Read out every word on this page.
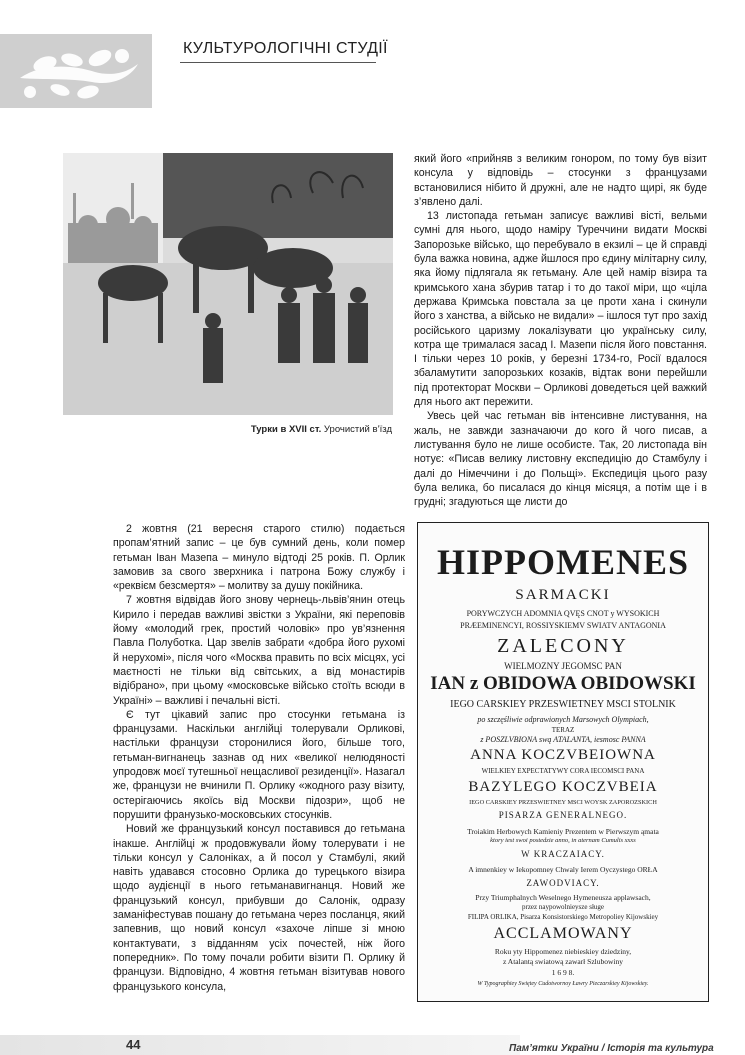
КУЛЬТУРОЛОГІЧНІ СТУДІЇ
Турки в XVII ст. Урочистий в’їзд

який його «прийняв з великим гонором, по тому був візит консула у відповідь – стосунки з французами встановилися нібито й дружні, але не надто щирі, як буде з’явлено далі.

13 листопада гетьман записує важливі вісті, вельми сумні для нього, щодо наміру Туреччини видати Москві Запорозьке військо, що перебувало в екзилі – це й справді була важка новина, адже йшлося про єдину мілітарну силу, яка йому підлягала як гетьману. Але цей намір візира та кримського хана збурив татар і то до такої міри, що «ціла держава Кримська повстала за це проти хана і скинули його з ханства, а військо не видали» – ішлося тут про захід російського царизму локалізувати цю українську силу, котра ще трималася засад І. Мазепи після його повстання. І тільки через 10 років, у березні 1734-го, Росії вдалося збаламутити запорозьких козаків, відтак вони перейшли під протекторат Москви – Орликові доведеться цей важкий для нього акт пережити.

Увесь цей час гетьман вів інтенсивне листування, на жаль, не завжди зазначаючи до кого й чого писав, а листування було не лише особисте. Так, 20 листопада він нотує: «Писав велику листовну експедицію до Стамбулу і далі до Німеччини і до Польщі». Експедиція цього разу була велика, бо писалася до кінця місяця, а потім ще і в грудні; згадуються ще листи до

2 жовтня (21 вересня старого стилю) подається пропам’ятний запис – це був сумний день, коли помер гетьман Іван Мазепа – минуло відтоді 25 років. П. Орлик замовив за свого зверхника і патрона Божу службу і «реквієм безсмертя» – молитву за душу покійника.

7 жовтня відвідав його знову чернець-львів’янин отець Кирило і передав важливі звістки з України, які переповів йому «молодий грек, простий чоловік» про ув’язнення Павла Полуботка. Цар звелів забрати «добра його рухомі й нерухомі», після чого «Москва править по всіх місцях, усі маєтності не тільки від світських, а від монастирів відібрано», при цьому «московське військо стоїть всюди в Україні» – важливі і печальні вісті.

Є тут цікавий запис про стосунки гетьмана із французами. Наскільки англійці толерували Орликові, настільки французи сторонилися його, більше того, гетьман-вигнанець зазнав од них «великої нелюдяності упродовж моєї тутешньої нещасливої резиденції». Назагал же, французи не вчинили П. Орлику «жодного разу візиту, остерігаючись якоїсь від Москви підозри», щоб не порушити франузько-московських стосунків.

Новий же французький консул поставився до гетьмана інакше. Англійці ж продовжували йому толерувати і не тільки консул у Салоніках, а й посол у Стамбулі, який навіть удавався стосовно Орлика до турецького візира щодо аудієнції в нього гетьманавигнанця. Новий же французький консул, прибувши до Салонік, одразу заманіфестував пошану до гетьмана через посланця, який запевнив, що новий консул «захоче ліпше зі мною контактувати, з відданням усіх почестей, ніж його попередник». По тому почали робити візити П. Орлику й французи. Відповідно, 4 жовтня гетьман візитував нового французького консула,

HIPPOMENES
SARMACKI
PORYWCZYCH ADOMNIA QVĘS CNOT y WYSOKICH
PRÆEMINENCYI, ROSSIYSKIEMV SWIATV ANTAGONIA
ZALECONY
WIELMOZNY JEGOMSC PAN
IAN z OBIDOWA OBIDOWSKI
IEGO CARSKIEY PRZESWIETNEY MSCI STOLNIK
po szczęśliwie odprawionych Marsowych Olympiach,
TERAZ
z POSZLVBIONA swą ATALANTA, iesmosc PANNA
ANNA KOCZVBEIOWNA
WIELKIEY EXPECTATYWY CORA IECOMSCI PANA
BAZYLEGO KOCZVBEIA
IEGO CARSKIEY PRZESWIETNEY MSCI WOYSK ZAPOROZSKICH
PISARZA GENERALNEGO.
Troiakim Herbowych Kamieniy Prezentem w Pierwszym ąmata
ktory iest swoi postedzie anno, in aternam Cumulis xxxs
W KRACZAIACY.
A imnenkiey w Iekopomney Chwaly Ierem Oyczystego ORŁA
ZAWODVIACY.
Przy Triumphalnych Weselnego Hymeneusza applawsach,
przez naypowolnieysze sługe
FILIPA ORLIKA, Pisarza Konsistorskiego Metropoliey Kijowskiey
ACCLAMOWANY
Roku yty Hippomenez niebieskiey dziedziny,
z Atalantą swiatową zawarł Szlubowiny
1 6 9 8.
W Typographiey Swiętey Cudotwornoy Ławry Pieczarskiey Kijowskiey.
44	Пам’ятки України / Історія та культура
